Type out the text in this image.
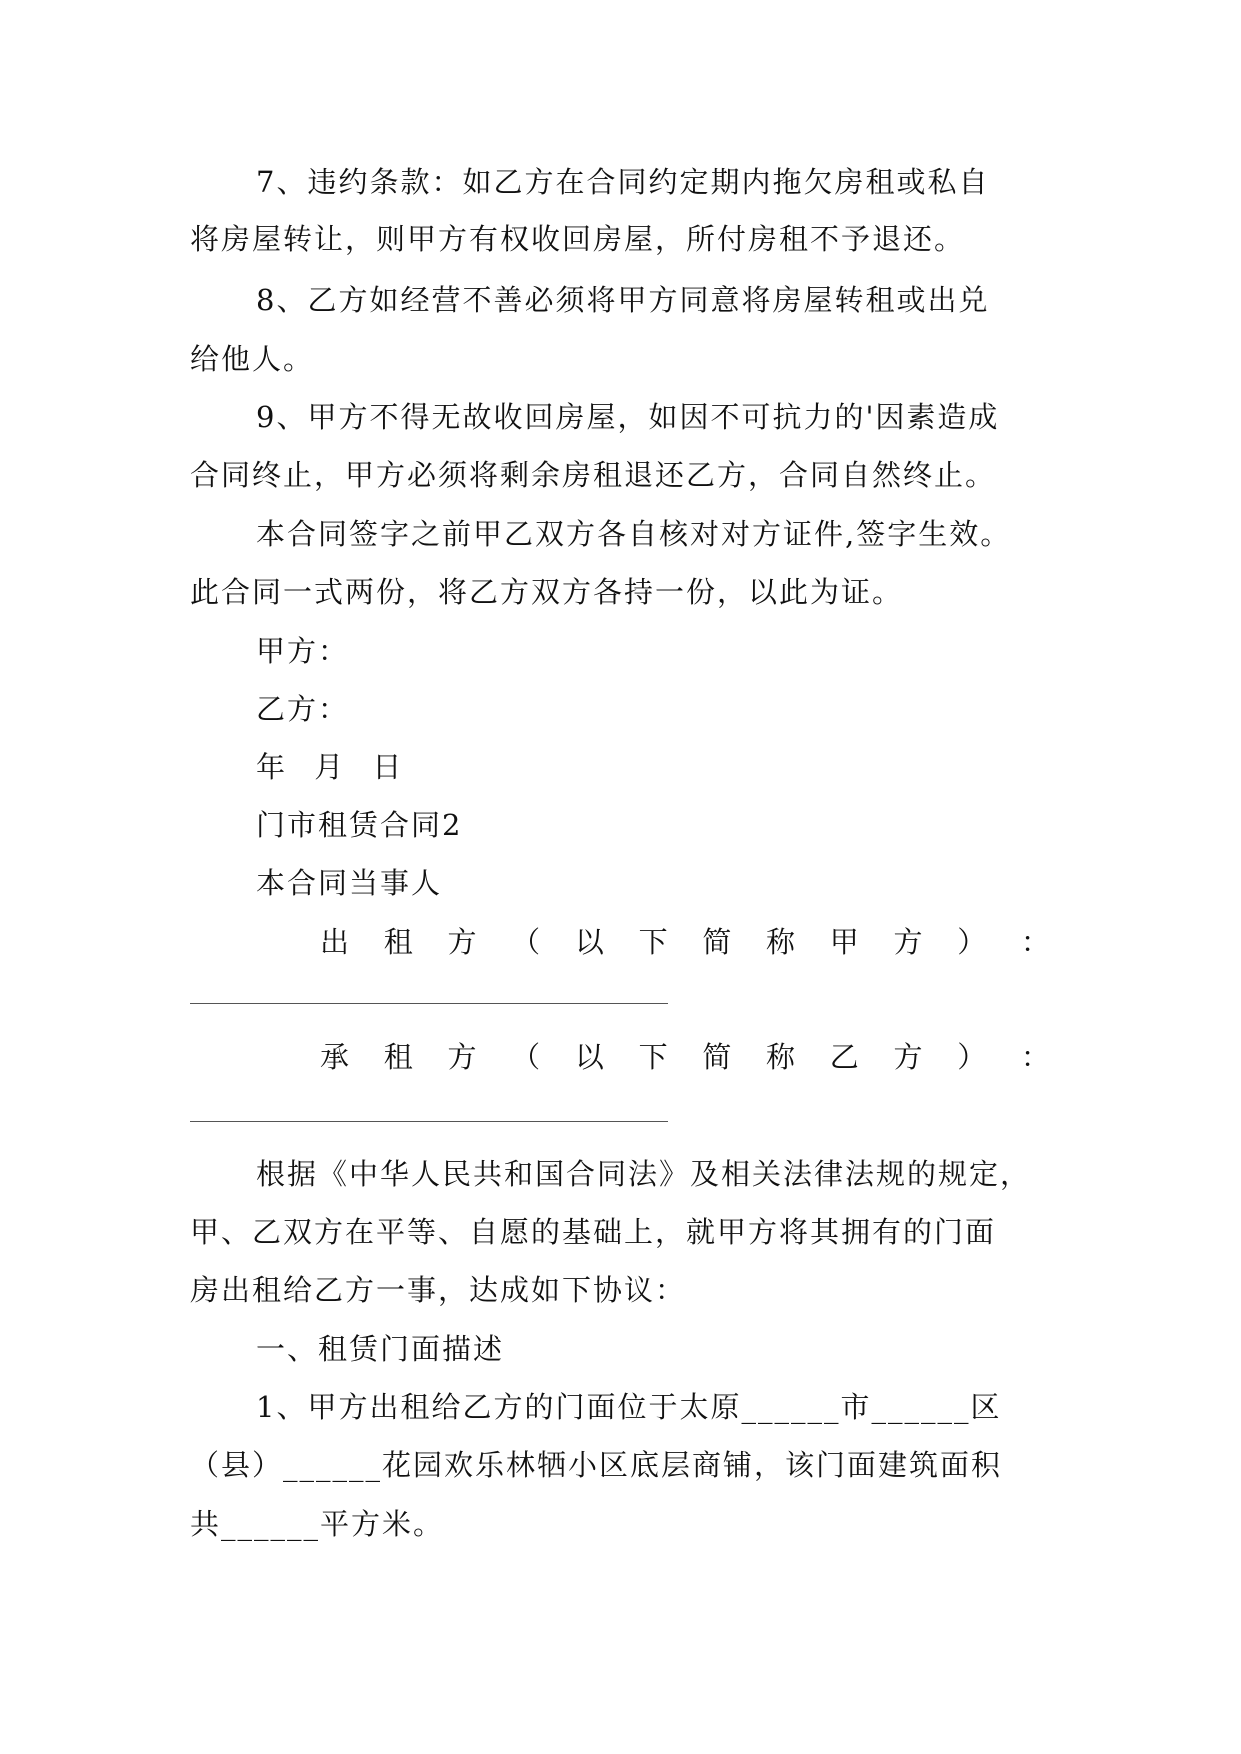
7、违约条款：如乙方在合同约定期内拖欠房租或私自
将房屋转让，则甲方有权收回房屋，所付房租不予退还。
8、乙方如经营不善必须将甲方同意将房屋转租或出兑
给他人。
9、甲方不得无故收回房屋，如因不可抗力的'因素造成
合同终止，甲方必须将剩余房租退还乙方，合同自然终止。
本合同签字之前甲乙双方各自核对对方证件,签字生效。
此合同一式两份，将乙方双方各持一份，以此为证。
甲方：
乙方：
年 月 日
门市租赁合同2
本合同当事人
出 租 方 （ 以 下 简 称 甲 方 ） ：
承 租 方 （ 以 下 简 称 乙 方 ） ：
根据《中华人民共和国合同法》及相关法律法规的规定，
甲、乙双方在平等、自愿的基础上，就甲方将其拥有的门面
房出租给乙方一事，达成如下协议：
一、租赁门面描述
1、甲方出租给乙方的门面位于太原______市______区
（县）______花园欢乐林牺小区底层商铺，该门面建筑面积
共______平方米。
